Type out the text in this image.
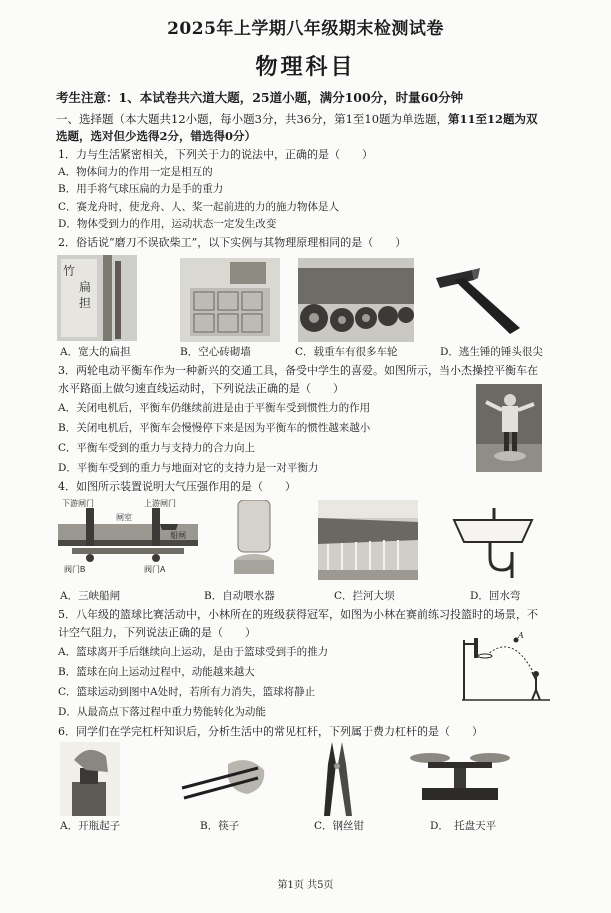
2025年上学期八年级期末检测试卷
物理科目
考生注意：1、本试卷共六道大题，25道小题，满分100分，时量60分钟
一、选择题（本大题共12小题，每小题3分，共36分，第1至10题为单选题，第11至12题为双
选题，选对但少选得2分，错选得0分）
1．力与生活紧密相关，下列关于力的说法中，正确的是（　　）
A．物体间力的作用一定是相互的
B．用手将气球压扁的力是手的重力
C．赛龙舟时，使龙舟、人、桨一起前进的力的施力物体是人
D．物体受到力的作用，运动状态一定发生改变
2．俗话说“磨刀不误砍柴工”，以下实例与其物理原理相同的是（　　）
竹
扁
担
A．宽大的扁担	B．空心砖砌墙	C．载重车有很多车轮	D．逃生锤的锤头很尖
3．两轮电动平衡车作为一种新兴的交通工具，备受中学生的喜爱。如图所示，当小杰操控平衡车在
水平路面上做匀速直线运动时，下列说法正确的是（　　）
A．关闭电机后，平衡车仍继续前进是由于平衡车受到惯性力的作用
B．关闭电机后，平衡车会慢慢停下来是因为平衡车的惯性越来越小
C．平衡车受到的重力与支持力的合力向上
D．平衡车受到的重力与地面对它的支持力是一对平衡力
4．如图所示装置说明大气压强作用的是（　　）
下游闸门	上游闸门
闸室
船闸
阀门B	阀门A
A．三峡船闸	B．自动喂水器	C．拦河大坝	D．回水弯
5．八年级的篮球比赛活动中，小林所在的班级获得冠军，如图为小林在赛前练习投篮时的场景，不
计空气阻力，下列说法正确的是（　　）
A．篮球离开手后继续向上运动，是由于篮球受到手的推力
B．篮球在向上运动过程中，动能越来越大
C．篮球运动到图中A处时，若所有力消失，篮球将静止
D．从最高点下落过程中重力势能转化为动能
A
6．同学们在学完杠杆知识后，分析生活中的常见杠杆，下列属于费力杠杆的是（　　）
A．开瓶起子	B．筷子	C．钢丝钳	D．　托盘天平
第1页 共5页
